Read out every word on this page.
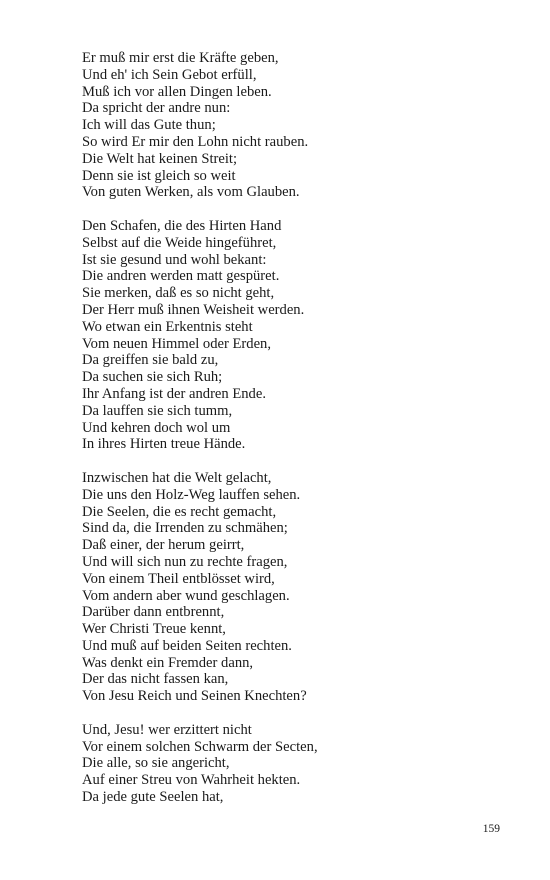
Er muß mir erst die Kräfte geben,
Und eh' ich Sein Gebot erfüll,
Muß ich vor allen Dingen leben.
Da spricht der andre nun:
Ich will das Gute thun;
So wird Er mir den Lohn nicht rauben.
Die Welt hat keinen Streit;
Denn sie ist gleich so weit
Von guten Werken, als vom Glauben.
Den Schafen, die des Hirten Hand
Selbst auf die Weide hingeführet,
Ist sie gesund und wohl bekant:
Die andren werden matt gespüret.
Sie merken, daß es so nicht geht,
Der Herr muß ihnen Weisheit werden.
Wo etwan ein Erkentnis steht
Vom neuen Himmel oder Erden,
Da greiffen sie bald zu,
Da suchen sie sich Ruh;
Ihr Anfang ist der andren Ende.
Da lauffen sie sich tumm,
Und kehren doch wol um
In ihres Hirten treue Hände.
Inzwischen hat die Welt gelacht,
Die uns den Holz-Weg lauffen sehen.
Die Seelen, die es recht gemacht,
Sind da, die Irrenden zu schmähen;
Daß einer, der herum geirrt,
Und will sich nun zu rechte fragen,
Von einem Theil entblösset wird,
Vom andern aber wund geschlagen.
Darüber dann entbrennt,
Wer Christi Treue kennt,
Und muß auf beiden Seiten rechten.
Was denkt ein Fremder dann,
Der das nicht fassen kan,
Von Jesu Reich und Seinen Knechten?
Und, Jesu! wer erzittert nicht
Vor einem solchen Schwarm der Secten,
Die alle, so sie angericht,
Auf einer Streu von Wahrheit hekten.
Da jede gute Seelen hat,
159
